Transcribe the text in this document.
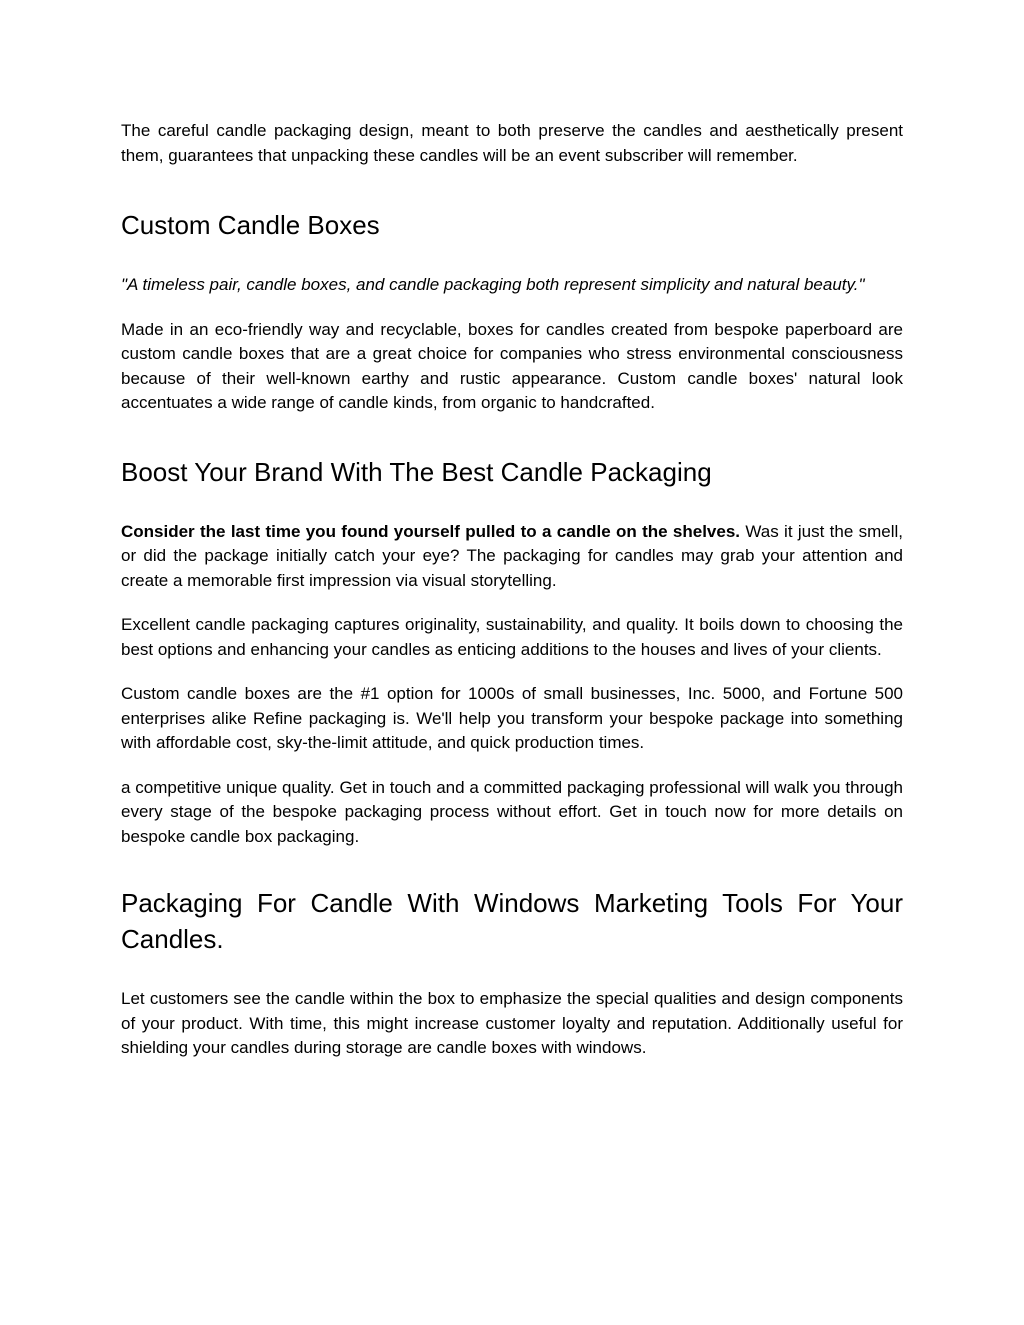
The careful candle packaging design, meant to both preserve the candles and aesthetically present them, guarantees that unpacking these candles will be an event subscriber will remember.

Custom Candle Boxes

"A timeless pair, candle boxes, and candle packaging both represent simplicity and natural beauty."

Made in an eco-friendly way and recyclable, boxes for candles created from bespoke paperboard are custom candle boxes that are a great choice for companies who stress environmental consciousness because of their well-known earthy and rustic appearance. Custom candle boxes' natural look accentuates a wide range of candle kinds, from organic to handcrafted.

Boost Your Brand With The Best Candle Packaging

Consider the last time you found yourself pulled to a candle on the shelves. Was it just the smell, or did the package initially catch your eye? The packaging for candles may grab your attention and create a memorable first impression via visual storytelling.

Excellent candle packaging captures originality, sustainability, and quality. It boils down to choosing the best options and enhancing your candles as enticing additions to the houses and lives of your clients.

Custom candle boxes are the #1 option for 1000s of small businesses, Inc. 5000, and Fortune 500 enterprises alike Refine packaging is. We'll help you transform your bespoke package into something with affordable cost, sky-the-limit attitude, and quick production times.

a competitive unique quality. Get in touch and a committed packaging professional will walk you through every stage of the bespoke packaging process without effort. Get in touch now for more details on bespoke candle box packaging.

Packaging For Candle With Windows Marketing Tools For Your Candles.

Let customers see the candle within the box to emphasize the special qualities and design components of your product. With time, this might increase customer loyalty and reputation. Additionally useful for shielding your candles during storage are candle boxes with windows.
